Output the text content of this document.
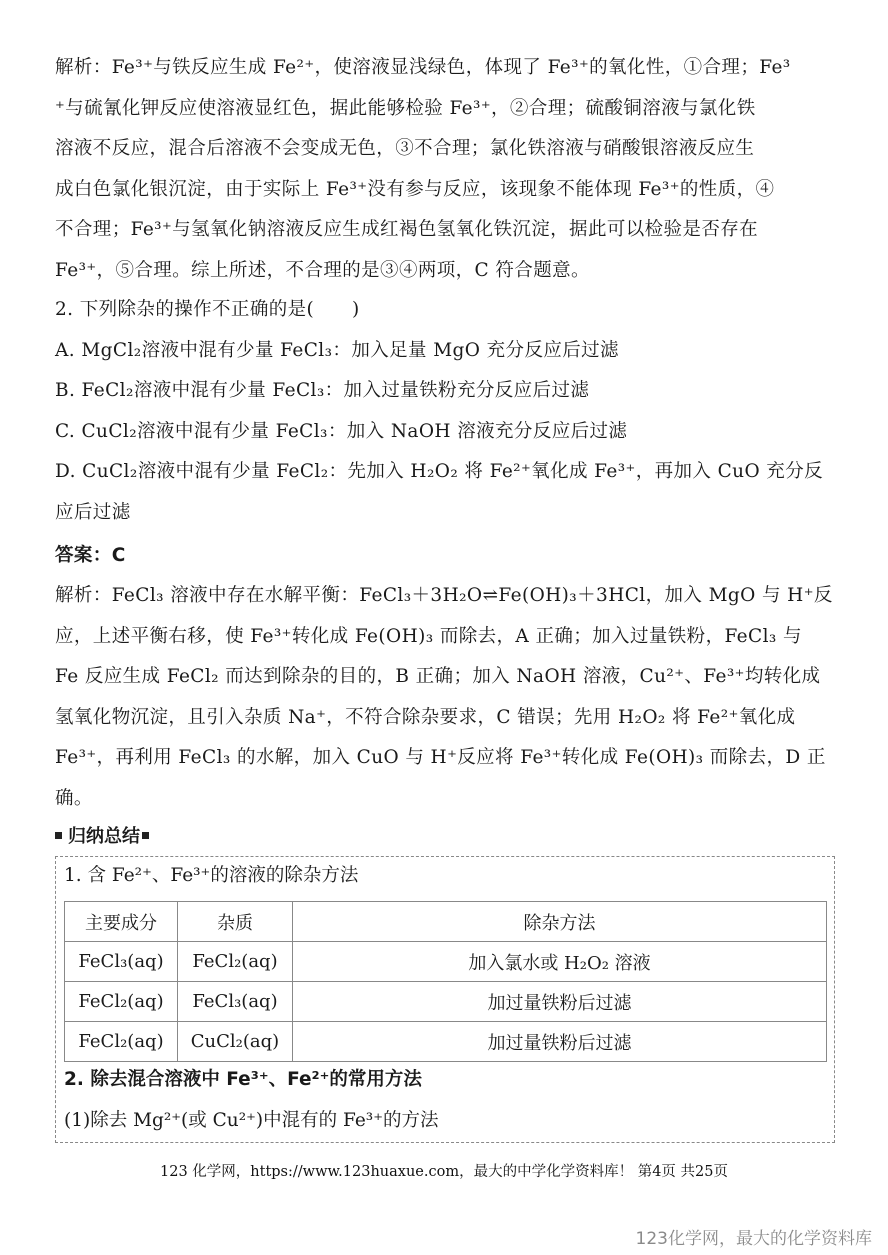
解析：Fe³⁺与铁反应生成 Fe²⁺，使溶液显浅绿色，体现了 Fe³⁺的氧化性，①合理；Fe³
⁺与硫氰化钾反应使溶液显红色，据此能够检验 Fe³⁺，②合理；硫酸铜溶液与氯化铁
溶液不反应，混合后溶液不会变成无色，③不合理；氯化铁溶液与硝酸银溶液反应生
成白色氯化银沉淀，由于实际上 Fe³⁺没有参与反应，该现象不能体现 Fe³⁺的性质，④
不合理；Fe³⁺与氢氧化钠溶液反应生成红褐色氢氧化铁沉淀，据此可以检验是否存在
Fe³⁺，⑤合理。综上所述，不合理的是③④两项，C 符合题意。
2. 下列除杂的操作不正确的是(　　)
A. MgCl₂溶液中混有少量 FeCl₃：加入足量 MgO 充分反应后过滤
B. FeCl₂溶液中混有少量 FeCl₃：加入过量铁粉充分反应后过滤
C. CuCl₂溶液中混有少量 FeCl₃：加入 NaOH 溶液充分反应后过滤
D. CuCl₂溶液中混有少量 FeCl₂：先加入 H₂O₂ 将 Fe²⁺氧化成 Fe³⁺，再加入 CuO 充分反
应后过滤
答案：C
解析：FeCl₃ 溶液中存在水解平衡：FeCl₃＋3H₂O⇌Fe(OH)₃＋3HCl，加入 MgO 与 H⁺反
应，上述平衡右移，使 Fe³⁺转化成 Fe(OH)₃ 而除去，A 正确；加入过量铁粉，FeCl₃ 与
Fe 反应生成 FeCl₂ 而达到除杂的目的，B 正确；加入 NaOH 溶液，Cu²⁺、Fe³⁺均转化成
氢氧化物沉淀，且引入杂质 Na⁺，不符合除杂要求，C 错误；先用 H₂O₂ 将 Fe²⁺氧化成
Fe³⁺，再利用 FeCl₃ 的水解，加入 CuO 与 H⁺反应将 Fe³⁺转化成 Fe(OH)₃ 而除去，D 正
确。
归纳总结
1. 含 Fe²⁺、Fe³⁺的溶液的除杂方法
主要成分	杂质	除杂方法
FeCl₃(aq)	FeCl₂(aq)	加入氯水或 H₂O₂ 溶液
FeCl₂(aq)	FeCl₃(aq)	加过量铁粉后过滤
FeCl₂(aq)	CuCl₂(aq)	加过量铁粉后过滤
2. 除去混合溶液中 Fe³⁺、Fe²⁺的常用方法
(1)除去 Mg²⁺(或 Cu²⁺)中混有的 Fe³⁺的方法
123 化学网，https://www.123huaxue.com，最大的中学化学资料库！ 第4页 共25页
123化学网，最大的化学资料库
